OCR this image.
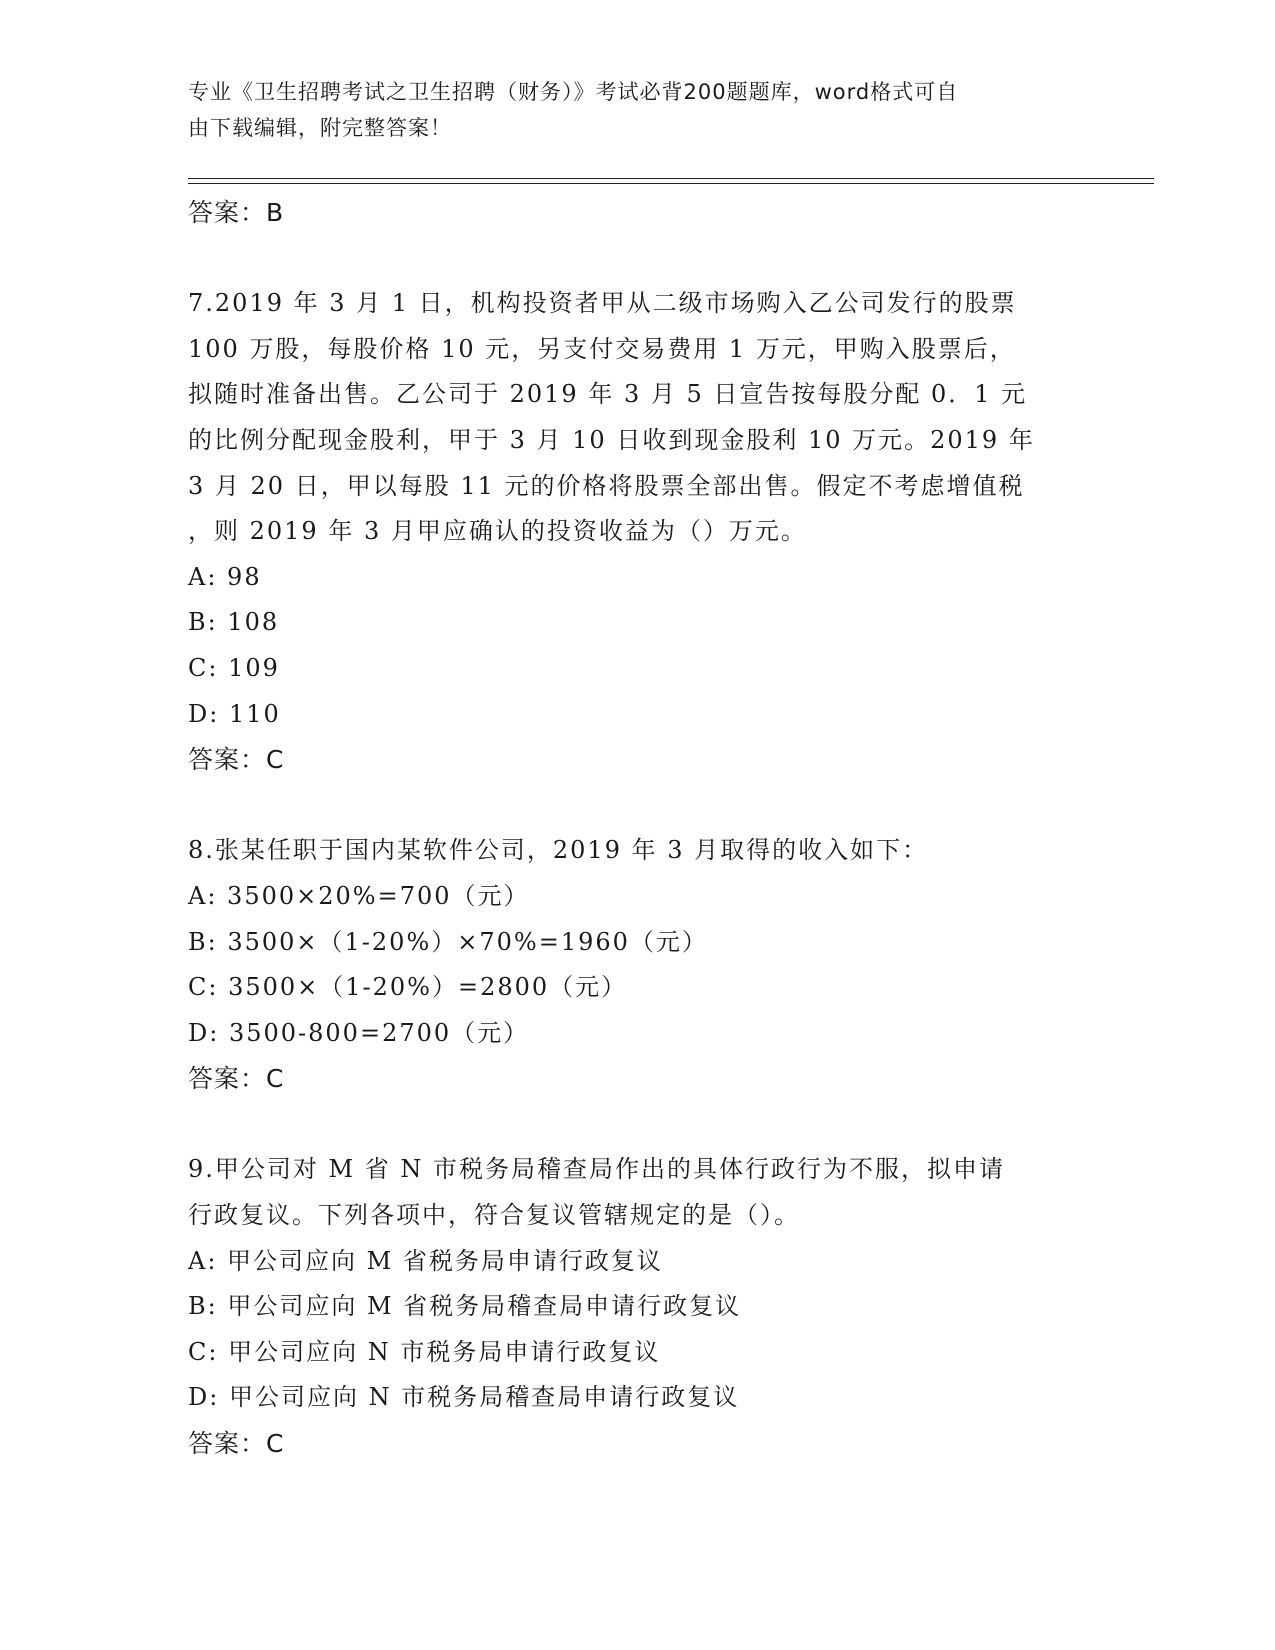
专业《卫生招聘考试之卫生招聘（财务）》考试必背200题题库，word格式可自
由下载编辑，附完整答案！
答案：B
7.2019 年 3 月 1 日，机构投资者甲从二级市场购入乙公司发行的股票
100 万股，每股价格 10 元，另支付交易费用 1 万元，甲购入股票后，
拟随时准备出售。乙公司于 2019 年 3 月 5 日宣告按每股分配 0．1 元
的比例分配现金股利，甲于 3 月 10 日收到现金股利 10 万元。2019 年
3 月 20 日，甲以每股 11 元的价格将股票全部出售。假定不考虑增值税
，则 2019 年 3 月甲应确认的投资收益为（）万元。
A: 98
B: 108
C: 109
D: 110
答案：C
8.张某任职于国内某软件公司，2019 年 3 月取得的收入如下：
A: 3500×20%=700（元）
B: 3500×（1-20%）×70%=1960（元）
C: 3500×（1-20%）=2800（元）
D: 3500-800=2700（元）
答案：C
9.甲公司对 M 省 N 市税务局稽查局作出的具体行政行为不服，拟申请
行政复议。下列各项中，符合复议管辖规定的是（）。
A: 甲公司应向 M 省税务局申请行政复议
B: 甲公司应向 M 省税务局稽查局申请行政复议
C: 甲公司应向 N 市税务局申请行政复议
D: 甲公司应向 N 市税务局稽查局申请行政复议
答案：C
